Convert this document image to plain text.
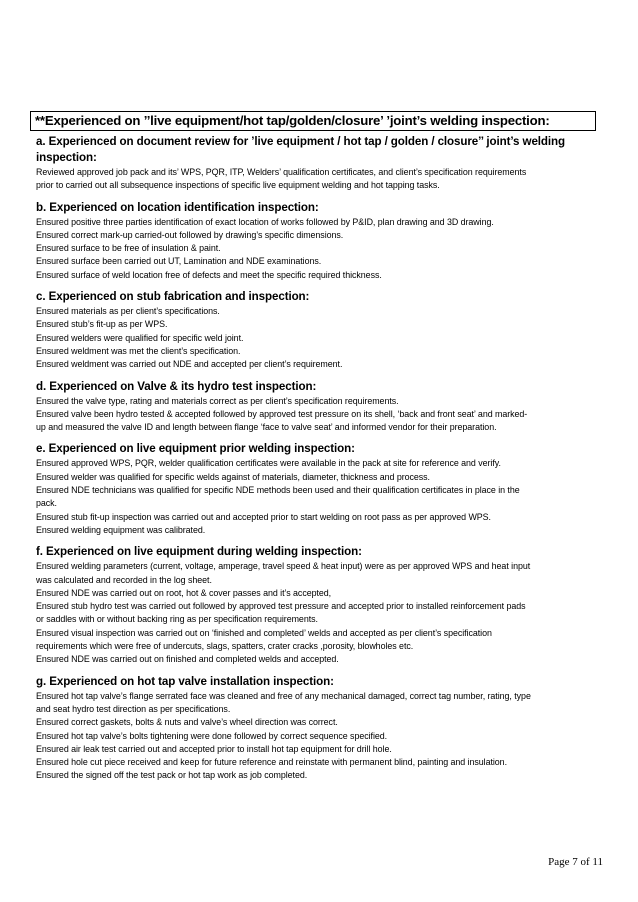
**Experienced on ’’live equipment/hot tap/golden/closure’ ’joint’s welding inspection:

a. Experienced on document review for ’live equipment / hot tap / golden / closure’’ joint’s welding inspection:

Reviewed approved job pack and its’ WPS, PQR, ITP, Welders’ qualification certificates, and client’s specification requirements

prior to carried out all subsequence inspections of specific live equipment welding and hot tapping tasks.

b. Experienced on location identification inspection:

Ensured positive three parties identification of exact location of works followed by P&ID, plan drawing and 3D drawing.

Ensured correct mark-up carried-out followed by drawing’s specific dimensions.

Ensured surface to be free of insulation & paint.

Ensured surface been carried out UT, Lamination and NDE examinations.

Ensured surface of weld location free of defects and meet the specific required thickness.

c. Experienced on stub fabrication and inspection:

Ensured materials as per client’s specifications.

Ensured stub’s fit-up as per WPS.

Ensured welders were qualified for specific weld joint.

Ensured weldment was met the client’s specification.

Ensured weldment was carried out NDE and accepted per client’s requirement.

d. Experienced on Valve & its hydro test inspection:

Ensured the valve type, rating and materials correct as per client’s specification requirements.

Ensured valve been hydro tested & accepted followed by approved test pressure on its shell, ‘back and front seat’ and marked-

up and measured the valve ID and length between flange ‘face to valve seat’ and informed vendor for their preparation.

e. Experienced on live equipment prior welding inspection:

Ensured approved WPS, PQR, welder qualification certificates were available in the pack at site for reference and verify.

Ensured welder was qualified for specific welds against of materials, diameter, thickness and process.

Ensured NDE technicians was qualified for specific NDE methods been used and their qualification certificates in place in the

pack.

Ensured stub fit-up inspection was carried out and accepted prior to start welding on root pass as per approved WPS.

Ensured welding equipment was calibrated.

f. Experienced on live equipment during welding inspection:

Ensured welding parameters (current, voltage, amperage, travel speed & heat input) were as per approved WPS and heat input

was calculated and recorded in the log sheet.

Ensured NDE was carried out on root, hot & cover passes and it’s accepted,

Ensured stub hydro test was carried out followed by approved test pressure and accepted prior to installed reinforcement pads

or saddles with or without backing ring as per specification requirements.

Ensured visual inspection was carried out on ‘finished and completed’ welds and accepted as per client’s specification

requirements which were free of undercuts, slags, spatters, crater cracks ,porosity, blowholes etc.

Ensured NDE was carried out on finished and completed welds and accepted.

g. Experienced on hot tap valve installation inspection:

Ensured hot tap valve’s flange serrated face was cleaned and free of any mechanical damaged, correct tag number, rating, type

and seat hydro test direction as per specifications.

Ensured correct gaskets, bolts & nuts and valve’s wheel direction was correct.

Ensured hot tap valve’s bolts tightening were done followed by correct sequence specified.

Ensured air leak test carried out and accepted prior to install hot tap equipment for drill hole.

Ensured hole cut piece received and keep for future reference and reinstate with permanent blind, painting and insulation.

Ensured the signed off the test pack or hot tap work as job completed.

Page 7 of 11
